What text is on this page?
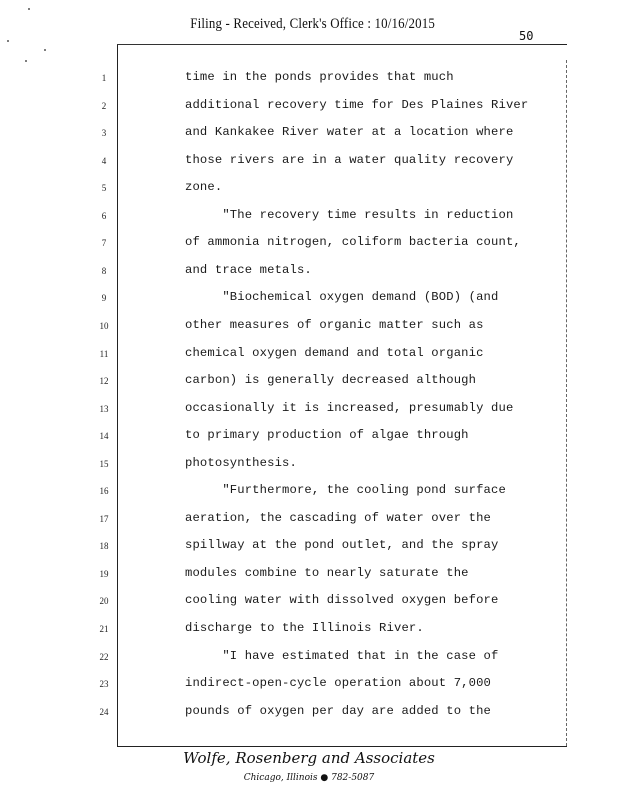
Filing - Received, Clerk's Office : 10/16/2015
50
1	time in the ponds provides that much
2	additional recovery time for Des Plaines River
3	and Kankakee River water at a location where
4	those rivers are in a water quality recovery
5	zone.
6	"The recovery time results in reduction
7	of ammonia nitrogen, coliform bacteria count,
8	and trace metals.
9	"Biochemical oxygen demand (BOD) (and
10	other measures of organic matter such as
11	chemical oxygen demand and total organic
12	carbon) is generally decreased although
13	occasionally it is increased, presumably due
14	to primary production of algae through
15	photosynthesis.
16	"Furthermore, the cooling pond surface
17	aeration, the cascading of water over the
18	spillway at the pond outlet, and the spray
19	modules combine to nearly saturate the
20	cooling water with dissolved oxygen before
21	discharge to the Illinois River.
22	"I have estimated that in the case of
23	indirect-open-cycle operation about 7,000
24	pounds of oxygen per day are added to the
Wolfe, Rosenberg and Associates
Chicago, Illinois ● 782-5087
